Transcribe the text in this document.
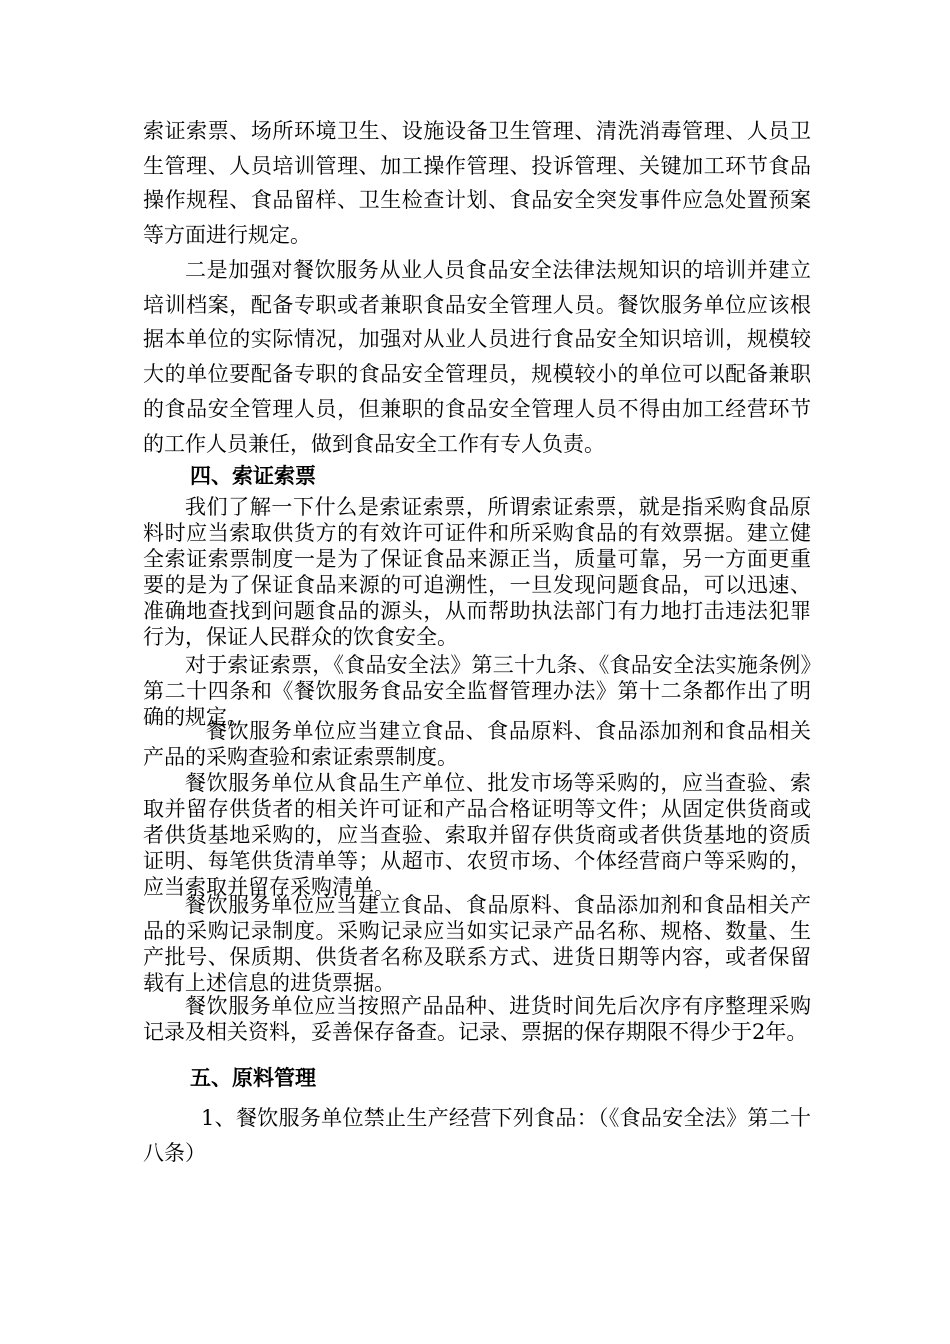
索证索票、场所环境卫生、设施设备卫生管理、清洗消毒管理、人员卫生管理、人员培训管理、加工操作管理、投诉管理、关键加工环节食品操作规程、食品留样、卫生检查计划、食品安全突发事件应急处置预案等方面进行规定。

二是加强对餐饮服务从业人员食品安全法律法规知识的培训并建立培训档案，配备专职或者兼职食品安全管理人员。餐饮服务单位应该根据本单位的实际情况，加强对从业人员进行食品安全知识培训，规模较大的单位要配备专职的食品安全管理员，规模较小的单位可以配备兼职的食品安全管理人员，但兼职的食品安全管理人员不得由加工经营环节的工作人员兼任，做到食品安全工作有专人负责。

四、索证索票

我们了解一下什么是索证索票，所谓索证索票，就是指采购食品原料时应当索取供货方的有效许可证件和所采购食品的有效票据。建立健全索证索票制度一是为了保证食品来源正当，质量可靠，另一方面更重要的是为了保证食品来源的可追溯性，一旦发现问题食品，可以迅速、准确地查找到问题食品的源头，从而帮助执法部门有力地打击违法犯罪行为，保证人民群众的饮食安全。

对于索证索票，《食品安全法》第三十九条、《食品安全法实施条例》第二十四条和《餐饮服务食品安全监督管理办法》第十二条都作出了明确的规定。

餐饮服务单位应当建立食品、食品原料、食品添加剂和食品相关产品的采购查验和索证索票制度。

餐饮服务单位从食品生产单位、批发市场等采购的，应当查验、索取并留存供货者的相关许可证和产品合格证明等文件；从固定供货商或者供货基地采购的，应当查验、索取并留存供货商或者供货基地的资质证明、每笔供货清单等；从超市、农贸市场、个体经营商户等采购的，应当索取并留存采购清单。

餐饮服务单位应当建立食品、食品原料、食品添加剂和食品相关产品的采购记录制度。采购记录应当如实记录产品名称、规格、数量、生产批号、保质期、供货者名称及联系方式、进货日期等内容，或者保留载有上述信息的进货票据。

餐饮服务单位应当按照产品品种、进货时间先后次序有序整理采购记录及相关资料，妥善保存备查。记录、票据的保存期限不得少于2年。

五、原料管理

1、餐饮服务单位禁止生产经营下列食品：（《食品安全法》第二十八条）
